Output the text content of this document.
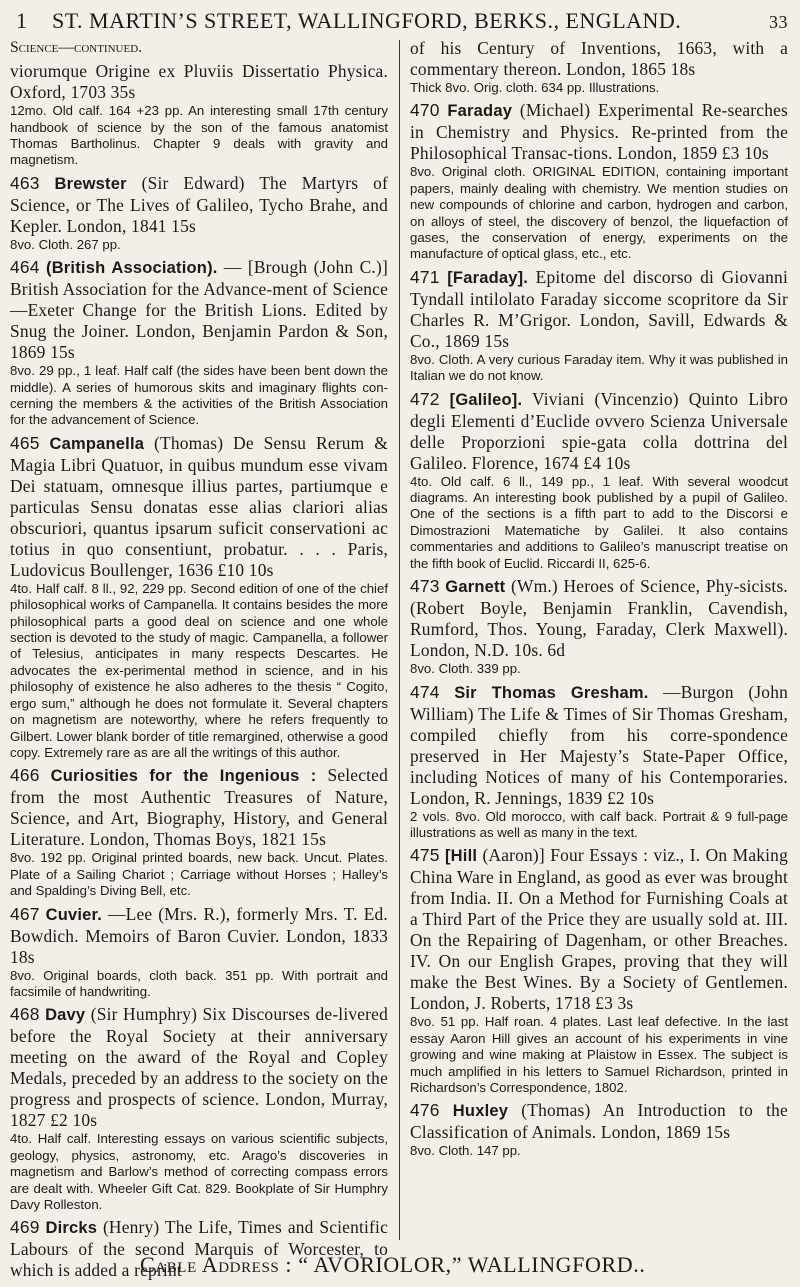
1 ST. MARTIN’S STREET, WALLINGFORD, BERKS., ENGLAND.	33

Science—continued.

viorumque Origine ex Pluviis Dissertatio Physica. Oxford, 1703 35s
12mo. Old calf. 164 +23 pp. An interesting small 17th century handbook of science by the son of the famous anatomist Thomas Bartholinus. Chapter 9 deals with gravity and magnetism.
463 Brewster (Sir Edward) The Martyrs of Science, or The Lives of Galileo, Tycho Brahe, and Kepler. London, 1841 15s
8vo. Cloth. 267 pp.
464 (British Association). — [Brough (John C.)] British Association for the Advance-ment of Science—Exeter Change for the British Lions. Edited by Snug the Joiner. London, Benjamin Pardon & Son, 1869 15s
8vo. 29 pp., 1 leaf. Half calf (the sides have been bent down the middle). A series of humorous skits and imaginary flights con-cerning the members & the activities of the British Association for the advancement of Science.
465 Campanella (Thomas) De Sensu Rerum & Magia Libri Quatuor, in quibus mundum esse vivam Dei statuam, omnesque illius partes, partiumque e particulas Sensu donatas esse alias clariori alias obscuriori, quantus ipsarum suficit conservationi ac totius in quo consentiunt, probatur. . . . Paris, Ludovicus Boullenger, 1636 £10 10s
4to. Half calf. 8 ll., 92, 229 pp. Second edition of one of the chief philosophical works of Campanella. It contains besides the more philosophical parts a good deal on science and one whole section is devoted to the study of magic. Campanella, a follower of Telesius, anticipates in many respects Descartes. He advocates the ex-perimental method in science, and in his philosophy of existence he also adheres to the thesis “ Cogito, ergo sum,” although he does not formulate it. Several chapters on magnetism are noteworthy, where he refers frequently to Gilbert. Lower blank border of title remargined, otherwise a good copy. Extremely rare as are all the writings of this author.
466 Curiosities for the Ingenious : Selected from the most Authentic Treasures of Nature, Science, and Art, Biography, History, and General Literature. London, Thomas Boys, 1821 15s
8vo. 192 pp. Original printed boards, new back. Uncut. Plates. Plate of a Sailing Chariot ; Carriage without Horses ; Halley’s and Spalding’s Diving Bell, etc.
467 Cuvier. —Lee (Mrs. R.), formerly Mrs. T. Ed. Bowdich. Memoirs of Baron Cuvier. London, 1833 18s
8vo. Original boards, cloth back. 351 pp. With portrait and facsimile of handwriting.
468 Davy (Sir Humphry) Six Discourses de-livered before the Royal Society at their anniversary meeting on the award of the Royal and Copley Medals, preceded by an address to the society on the progress and prospects of science. London, Murray, 1827 £2 10s
4to. Half calf. Interesting essays on various scientific subjects, geology, physics, astronomy, etc. Arago’s discoveries in magnetism and Barlow’s method of correcting compass errors are dealt with. Wheeler Gift Cat. 829. Bookplate of Sir Humphry Davy Rolleston.
469 Dircks (Henry) The Life, Times and Scientific Labours of the second Marquis of Worcester, to which is added a reprint
of his Century of Inventions, 1663, with a commentary thereon. London, 1865 18s
Thick 8vo. Orig. cloth. 634 pp. Illustrations.
470 Faraday (Michael) Experimental Re-searches in Chemistry and Physics. Re-printed from the Philosophical Transac-tions. London, 1859 £3 10s
8vo. Original cloth. ORIGINAL EDITION, containing important papers, mainly dealing with chemistry. We mention studies on new compounds of chlorine and carbon, hydrogen and carbon, on alloys of steel, the discovery of benzol, the liquefaction of gases, the conservation of energy, experiments on the manufacture of optical glass, etc., etc.
471 [Faraday]. Epitome del discorso di Giovanni Tyndall intilolato Faraday siccome scopritore da Sir Charles R. M’Grigor. London, Savill, Edwards & Co., 1869 15s
8vo. Cloth. A very curious Faraday item. Why it was published in Italian we do not know.
472 [Galileo]. Viviani (Vincenzio) Quinto Libro degli Elementi d’Euclide ovvero Scienza Universale delle Proporzioni spie-gata colla dottrina del Galileo. Florence, 1674 £4 10s
4to. Old calf. 6 ll., 149 pp., 1 leaf. With several woodcut diagrams. An interesting book published by a pupil of Galileo. One of the sections is a fifth part to add to the Discorsi e Dimostrazioni Matematiche by Galilei. It also contains commentaries and additions to Galileo’s manuscript treatise on the fifth book of Euclid. Riccardi II, 625-6.
473 Garnett (Wm.) Heroes of Science, Phy-sicists. (Robert Boyle, Benjamin Franklin, Cavendish, Rumford, Thos. Young, Faraday, Clerk Maxwell). London, N.D. 10s. 6d
8vo. Cloth. 339 pp.
474 Sir Thomas Gresham. —Burgon (John William) The Life & Times of Sir Thomas Gresham, compiled chiefly from his corre-spondence preserved in Her Majesty’s State-Paper Office, including Notices of many of his Contemporaries. London, R. Jennings, 1839 £2 10s
2 vols. 8vo. Old morocco, with calf back. Portrait & 9 full-page illustrations as well as many in the text.
475 [Hill (Aaron)] Four Essays : viz., I. On Making China Ware in England, as good as ever was brought from India. II. On a Method for Furnishing Coals at a Third Part of the Price they are usually sold at. III. On the Repairing of Dagenham, or other Breaches. IV. On our English Grapes, proving that they will make the Best Wines. By a Society of Gentlemen. London, J. Roberts, 1718 £3 3s
8vo. 51 pp. Half roan. 4 plates. Last leaf defective. In the last essay Aaron Hill gives an account of his experiments in vine growing and wine making at Plaistow in Essex. The subject is much amplified in his letters to Samuel Richardson, printed in Richardson’s Correspondence, 1802.
476 Huxley (Thomas) An Introduction to the Classification of Animals. London, 1869 15s
8vo. Cloth. 147 pp.
Cable Address : “ AVORIOLOR,” WALLINGFORD..
